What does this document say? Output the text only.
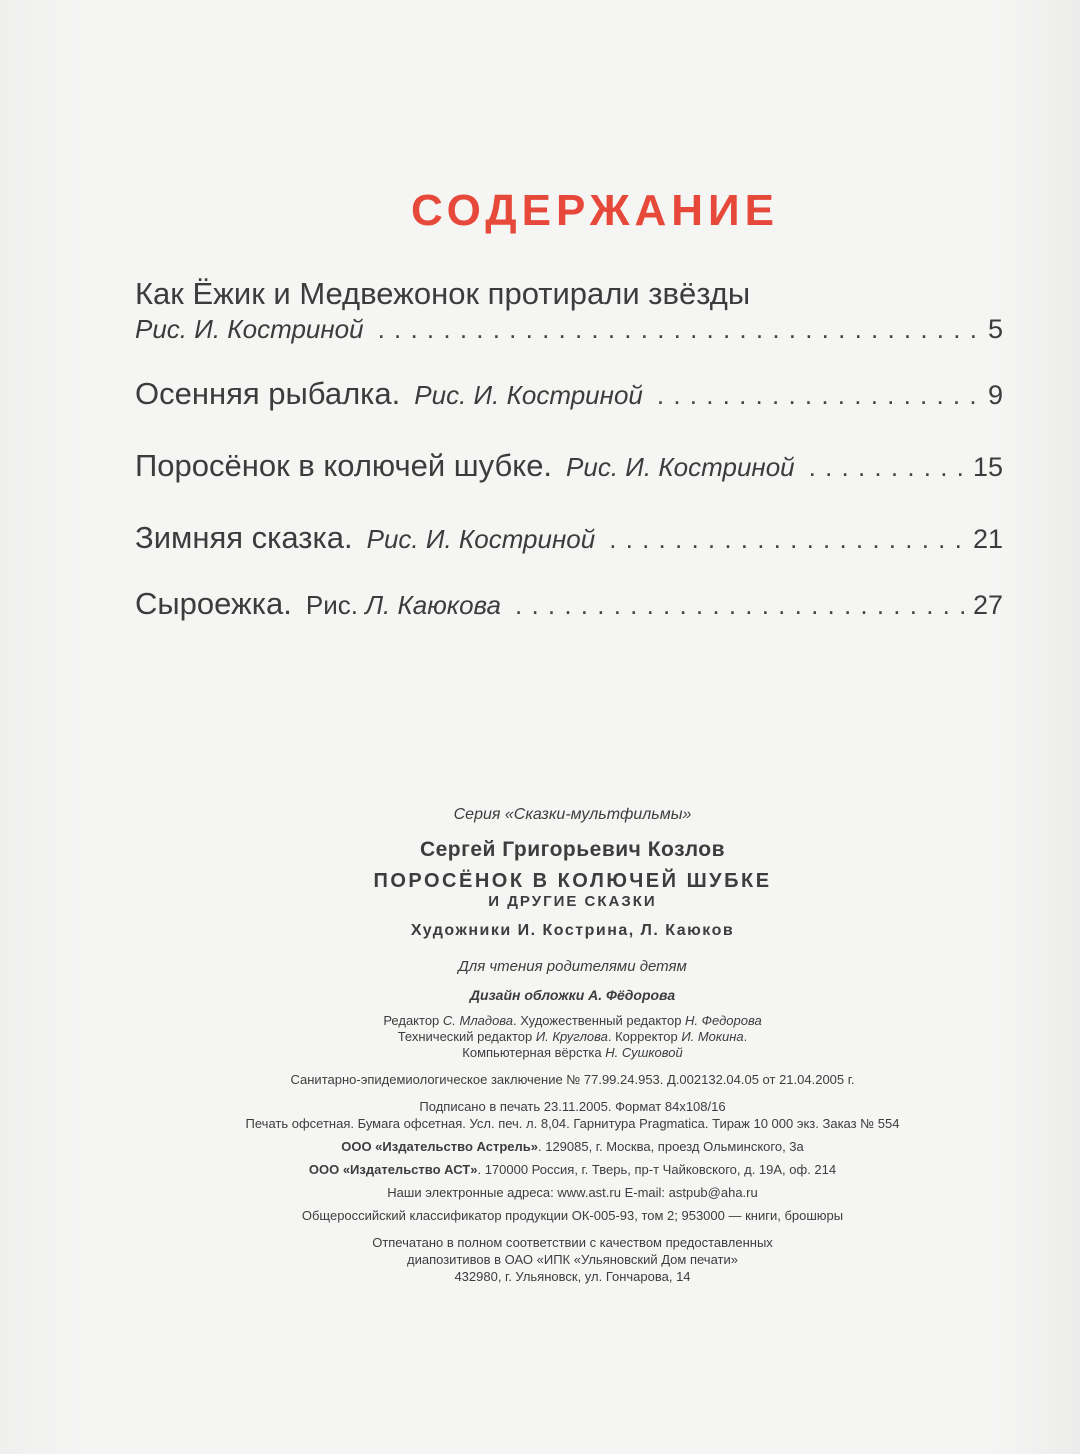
СОДЕРЖАНИЕ
Как Ёжик и Медвежонок протирали звёзды
Рис. И. Костриной . . .	5
Осенняя рыбалка. Рис. И. Костриной . . .	9
Поросёнок в колючей шубке. Рис. И. Костриной . . .	15
Зимняя сказка. Рис. И. Костриной . . .	21
Сыроежка. Рис. Л. Каюкова . . .	27
Серия «Сказки-мультфильмы»
Сергей Григорьевич Козлов
ПОРОСЁНОК В КОЛЮЧЕЙ ШУБКЕ
И ДРУГИЕ СКАЗКИ
Художники И. Кострина, Л. Каюков
Для чтения родителями детям
Дизайн обложки А. Фёдорова
Редактор С. Младова. Художественный редактор Н. Федорова
Технический редактор И. Круглова. Корректор И. Мокина.
Компьютерная вёрстка Н. Сушковой
Санитарно-эпидемиологическое заключение № 77.99.24.953. Д.002132.04.05 от 21.04.2005 г.
Подписано в печать 23.11.2005. Формат 84x108/16
Печать офсетная. Бумага офсетная. Усл. печ. л. 8,04. Гарнитура Pragmatica. Тираж 10 000 экз. Заказ № 554
ООО «Издательство Астрель». 129085, г. Москва, проезд Ольминского, 3а
ООО «Издательство АСТ». 170000 Россия, г. Тверь, пр-т Чайковского, д. 19А, оф. 214
Наши электронные адреса: www.ast.ru E-mail: astpub@aha.ru
Общероссийский классификатор продукции ОК-005-93, том 2; 953000 — книги, брошюры
Отпечатано в полном соответствии с качеством предоставленных
диапозитивов в ОАО «ИПК «Ульяновский Дом печати»
432980, г. Ульяновск, ул. Гончарова, 14
